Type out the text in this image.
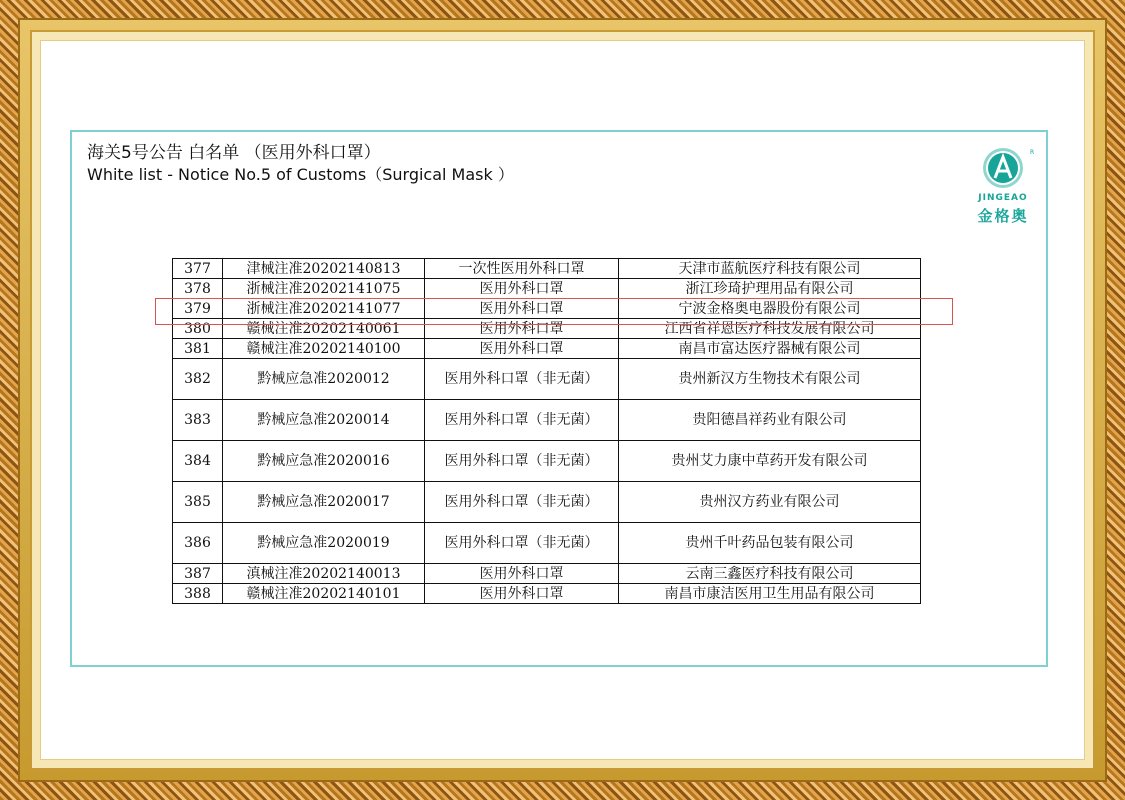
海关5号公告 白名单 （医用外科口罩）
White list - Notice No.5 of Customs（Surgical Mask ）
R
JINGEAO
金格奥
377	津械注准20202140813	一次性医用外科口罩	天津市蓝航医疗科技有限公司
378	浙械注准20202141075	医用外科口罩	浙江珍琦护理用品有限公司
379	浙械注准20202141077	医用外科口罩	宁波金格奥电器股份有限公司
380	赣械注准20202140061	医用外科口罩	江西省祥恩医疗科技发展有限公司
381	赣械注准20202140100	医用外科口罩	南昌市富达医疗器械有限公司
382	黔械应急准2020012	医用外科口罩（非无菌）	贵州新汉方生物技术有限公司
383	黔械应急准2020014	医用外科口罩（非无菌）	贵阳德昌祥药业有限公司
384	黔械应急准2020016	医用外科口罩（非无菌）	贵州艾力康中草药开发有限公司
385	黔械应急准2020017	医用外科口罩（非无菌）	贵州汉方药业有限公司
386	黔械应急准2020019	医用外科口罩（非无菌）	贵州千叶药品包装有限公司
387	滇械注准20202140013	医用外科口罩	云南三鑫医疗科技有限公司
388	赣械注准20202140101	医用外科口罩	南昌市康洁医用卫生用品有限公司
